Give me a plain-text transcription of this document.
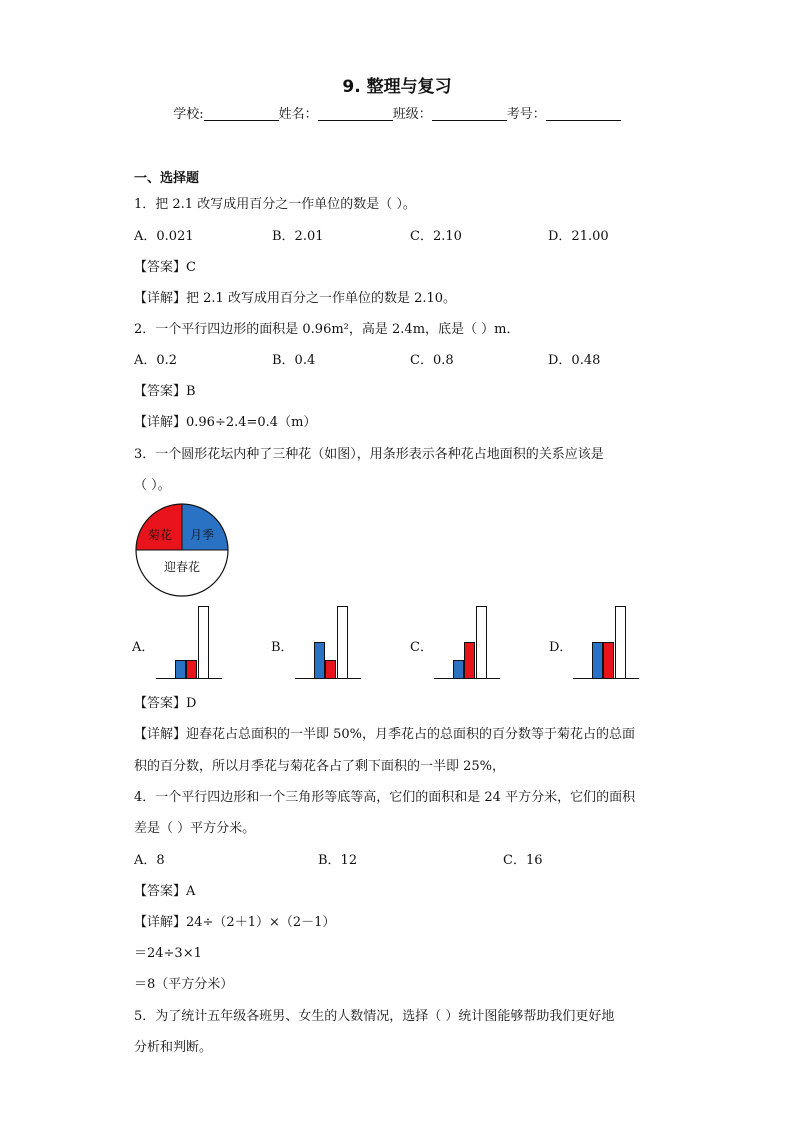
9. 整理与复习
学校:	姓名：	班级：	考号：
一、选择题
1．把 2.1 改写成用百分之一作单位的数是（ ）。
A．0.021	B．2.01	C．2.10	D．21.00
【答案】C
【详解】把 2.1 改写成用百分之一作单位的数是 2.10。
2．一个平行四边形的面积是 0.96m²，高是 2.4m，底是（ ）m．
A．0.2	B．0.4	C．0.8	D．0.48
【答案】B
【详解】0.96÷2.4=0.4（m）
3．一个圆形花坛内种了三种花（如图），用条形表示各种花占地面积的关系应该是
（ ）。
菊花 月季
迎春花
A．	B．	C．	D．
【答案】D
【详解】迎春花占总面积的一半即 50%，月季花占的总面积的百分数等于菊花占的总面
积的百分数，所以月季花与菊花各占了剩下面积的一半即 25%，
4．一个平行四边形和一个三角形等底等高，它们的面积和是 24 平方分米，它们的面积
差是（ ）平方分米。
A．8	B．12	C．16
【答案】A
【详解】24÷（2＋1）×（2－1）
＝24÷3×1
＝8（平方分米）
5．为了统计五年级各班男、女生的人数情况，选择（ ）统计图能够帮助我们更好地
分析和判断。
